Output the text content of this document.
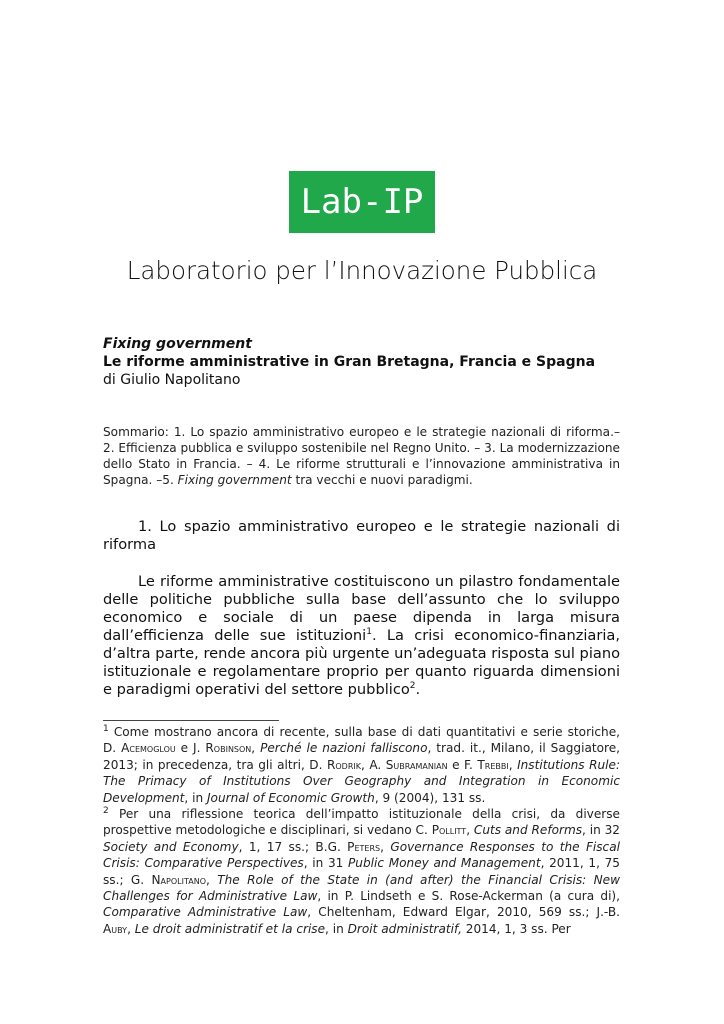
Lab-IP
Laboratorio per l’Innovazione Pubblica
Fixing government
Le riforme amministrative in Gran Bretagna, Francia e Spagna
di Giulio Napolitano
Sommario: 1. Lo spazio amministrativo europeo e le strategie nazionali di riforma.– 2. Efficienza pubblica e sviluppo sostenibile nel Regno Unito. – 3. La modernizzazione dello Stato in Francia. – 4. Le riforme strutturali e l’innovazione amministrativa in Spagna. –5. Fixing government tra vecchi e nuovi paradigmi.
1. Lo spazio amministrativo europeo e le strategie nazionali di riforma
Le riforme amministrative costituiscono un pilastro fondamentale delle politiche pubbliche sulla base dell’assunto che lo sviluppo economico e sociale di un paese dipenda in larga misura dall’efficienza delle sue istituzioni$^1$. La crisi economico-finanziaria, d’altra parte, rende ancora più urgente un’adeguata risposta sul piano istituzionale e regolamentare proprio per quanto riguarda dimensioni e paradigmi operativi del settore pubblico$^2$.

$^1$ Come mostrano ancora di recente, sulla base di dati quantitativi e serie storiche, D. Acemoglou e J. Robinson, Perché le nazioni falliscono, trad. it., Milano, il Saggiatore, 2013; in precedenza, tra gli altri, D. Rodrik, A. Subramanian e F. Trebbi, Institutions Rule: The Primacy of Institutions Over Geography and Integration in Economic Development, in Journal of Economic Growth, 9 (2004), 131 ss.

$^2$ Per una riflessione teorica dell’impatto istituzionale della crisi, da diverse prospettive metodologiche e disciplinari, si vedano C. Pollitt, Cuts and Reforms, in 32 Society and Economy, 1, 17 ss.; B.G. Peters, Governance Responses to the Fiscal Crisis: Comparative Perspectives, in 31 Public Money and Management, 2011, 1, 75 ss.; G. Napolitano, The Role of the State in (and after) the Financial Crisis: New Challenges for Administrative Law, in P. Lindseth e S. Rose-Ackerman (a cura di), Comparative Administrative Law, Cheltenham, Edward Elgar, 2010, 569 ss.; J.-B. Auby, Le droit administratif et la crise, in Droit administratif, 2014, 1, 3 ss. Per
